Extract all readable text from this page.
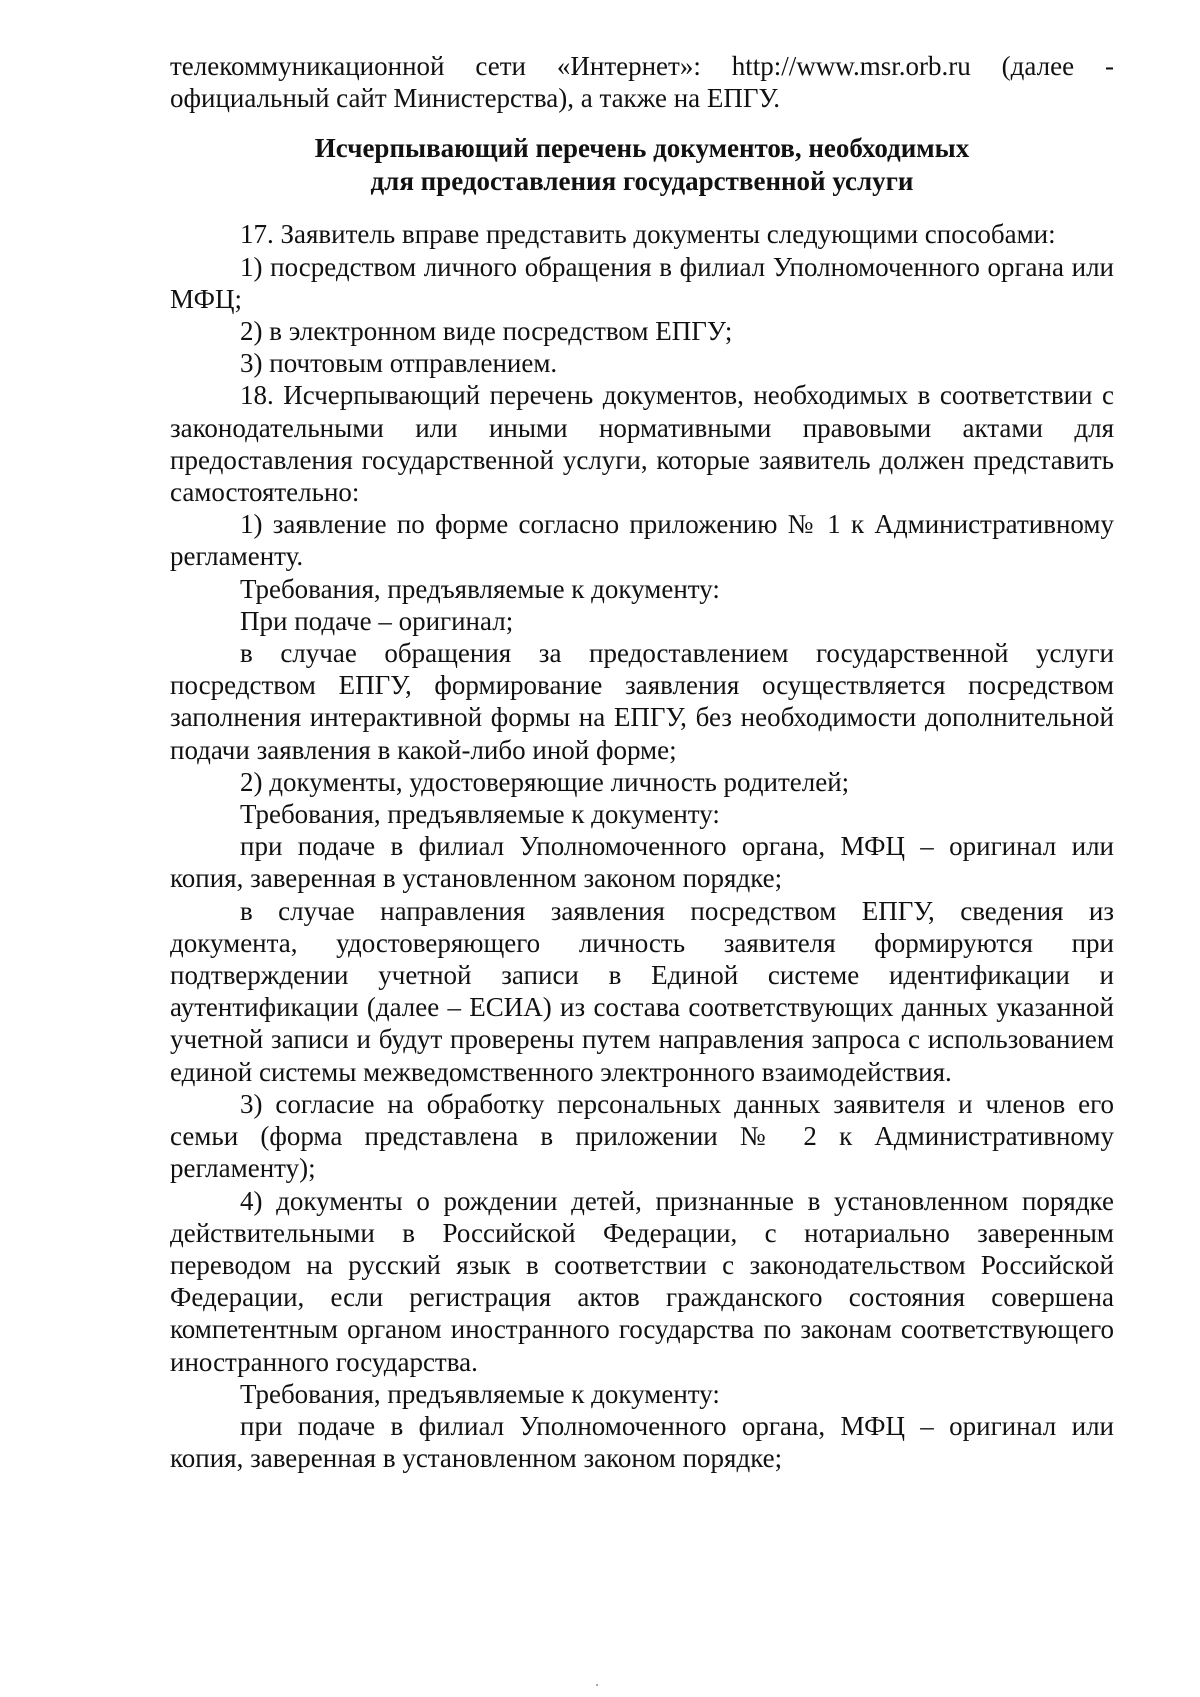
телекоммуникационной сети «Интернет»: http://www.msr.orb.ru (далее - официальный сайт Министерства), а также на ЕПГУ.

Исчерпывающий перечень документов, необходимых
для предоставления государственной услуги

17. Заявитель вправе представить документы следующими способами:

1) посредством личного обращения в филиал Уполномоченного органа или МФЦ;

2) в электронном виде посредством ЕПГУ;

3) почтовым отправлением.

18. Исчерпывающий перечень документов, необходимых в соответствии с законодательными или иными нормативными правовыми актами для предоставления государственной услуги, которые заявитель должен представить самостоятельно:

1) заявление по форме согласно приложению № 1 к Административному регламенту.

Требования, предъявляемые к документу:

При подаче – оригинал;

в случае обращения за предоставлением государственной услуги посредством ЕПГУ, формирование заявления осуществляется посредством заполнения интерактивной формы на ЕПГУ, без необходимости дополнительной подачи заявления в какой-либо иной форме;

2) документы, удостоверяющие личность родителей;

Требования, предъявляемые к документу:

при подаче в филиал Уполномоченного органа, МФЦ – оригинал или копия, заверенная в установленном законом порядке;

в случае направления заявления посредством ЕПГУ, сведения из документа, удостоверяющего личность заявителя формируются при подтверждении учетной записи в Единой системе идентификации и аутентификации (далее – ЕСИА) из состава соответствующих данных указанной учетной записи и будут проверены путем направления запроса с использованием единой системы межведомственного электронного взаимодействия.

3) согласие на обработку персональных данных заявителя и членов его семьи (форма представлена в приложении № 2 к Административному регламенту);

4) документы о рождении детей, признанные в установленном порядке действительными в Российской Федерации, с нотариально заверенным переводом на русский язык в соответствии с законодательством Российской Федерации, если регистрация актов гражданского состояния совершена компетентным органом иностранного государства по законам соответствующего иностранного государства.

Требования, предъявляемые к документу:

при подаче в филиал Уполномоченного органа, МФЦ – оригинал или копия, заверенная в установленном законом порядке;
